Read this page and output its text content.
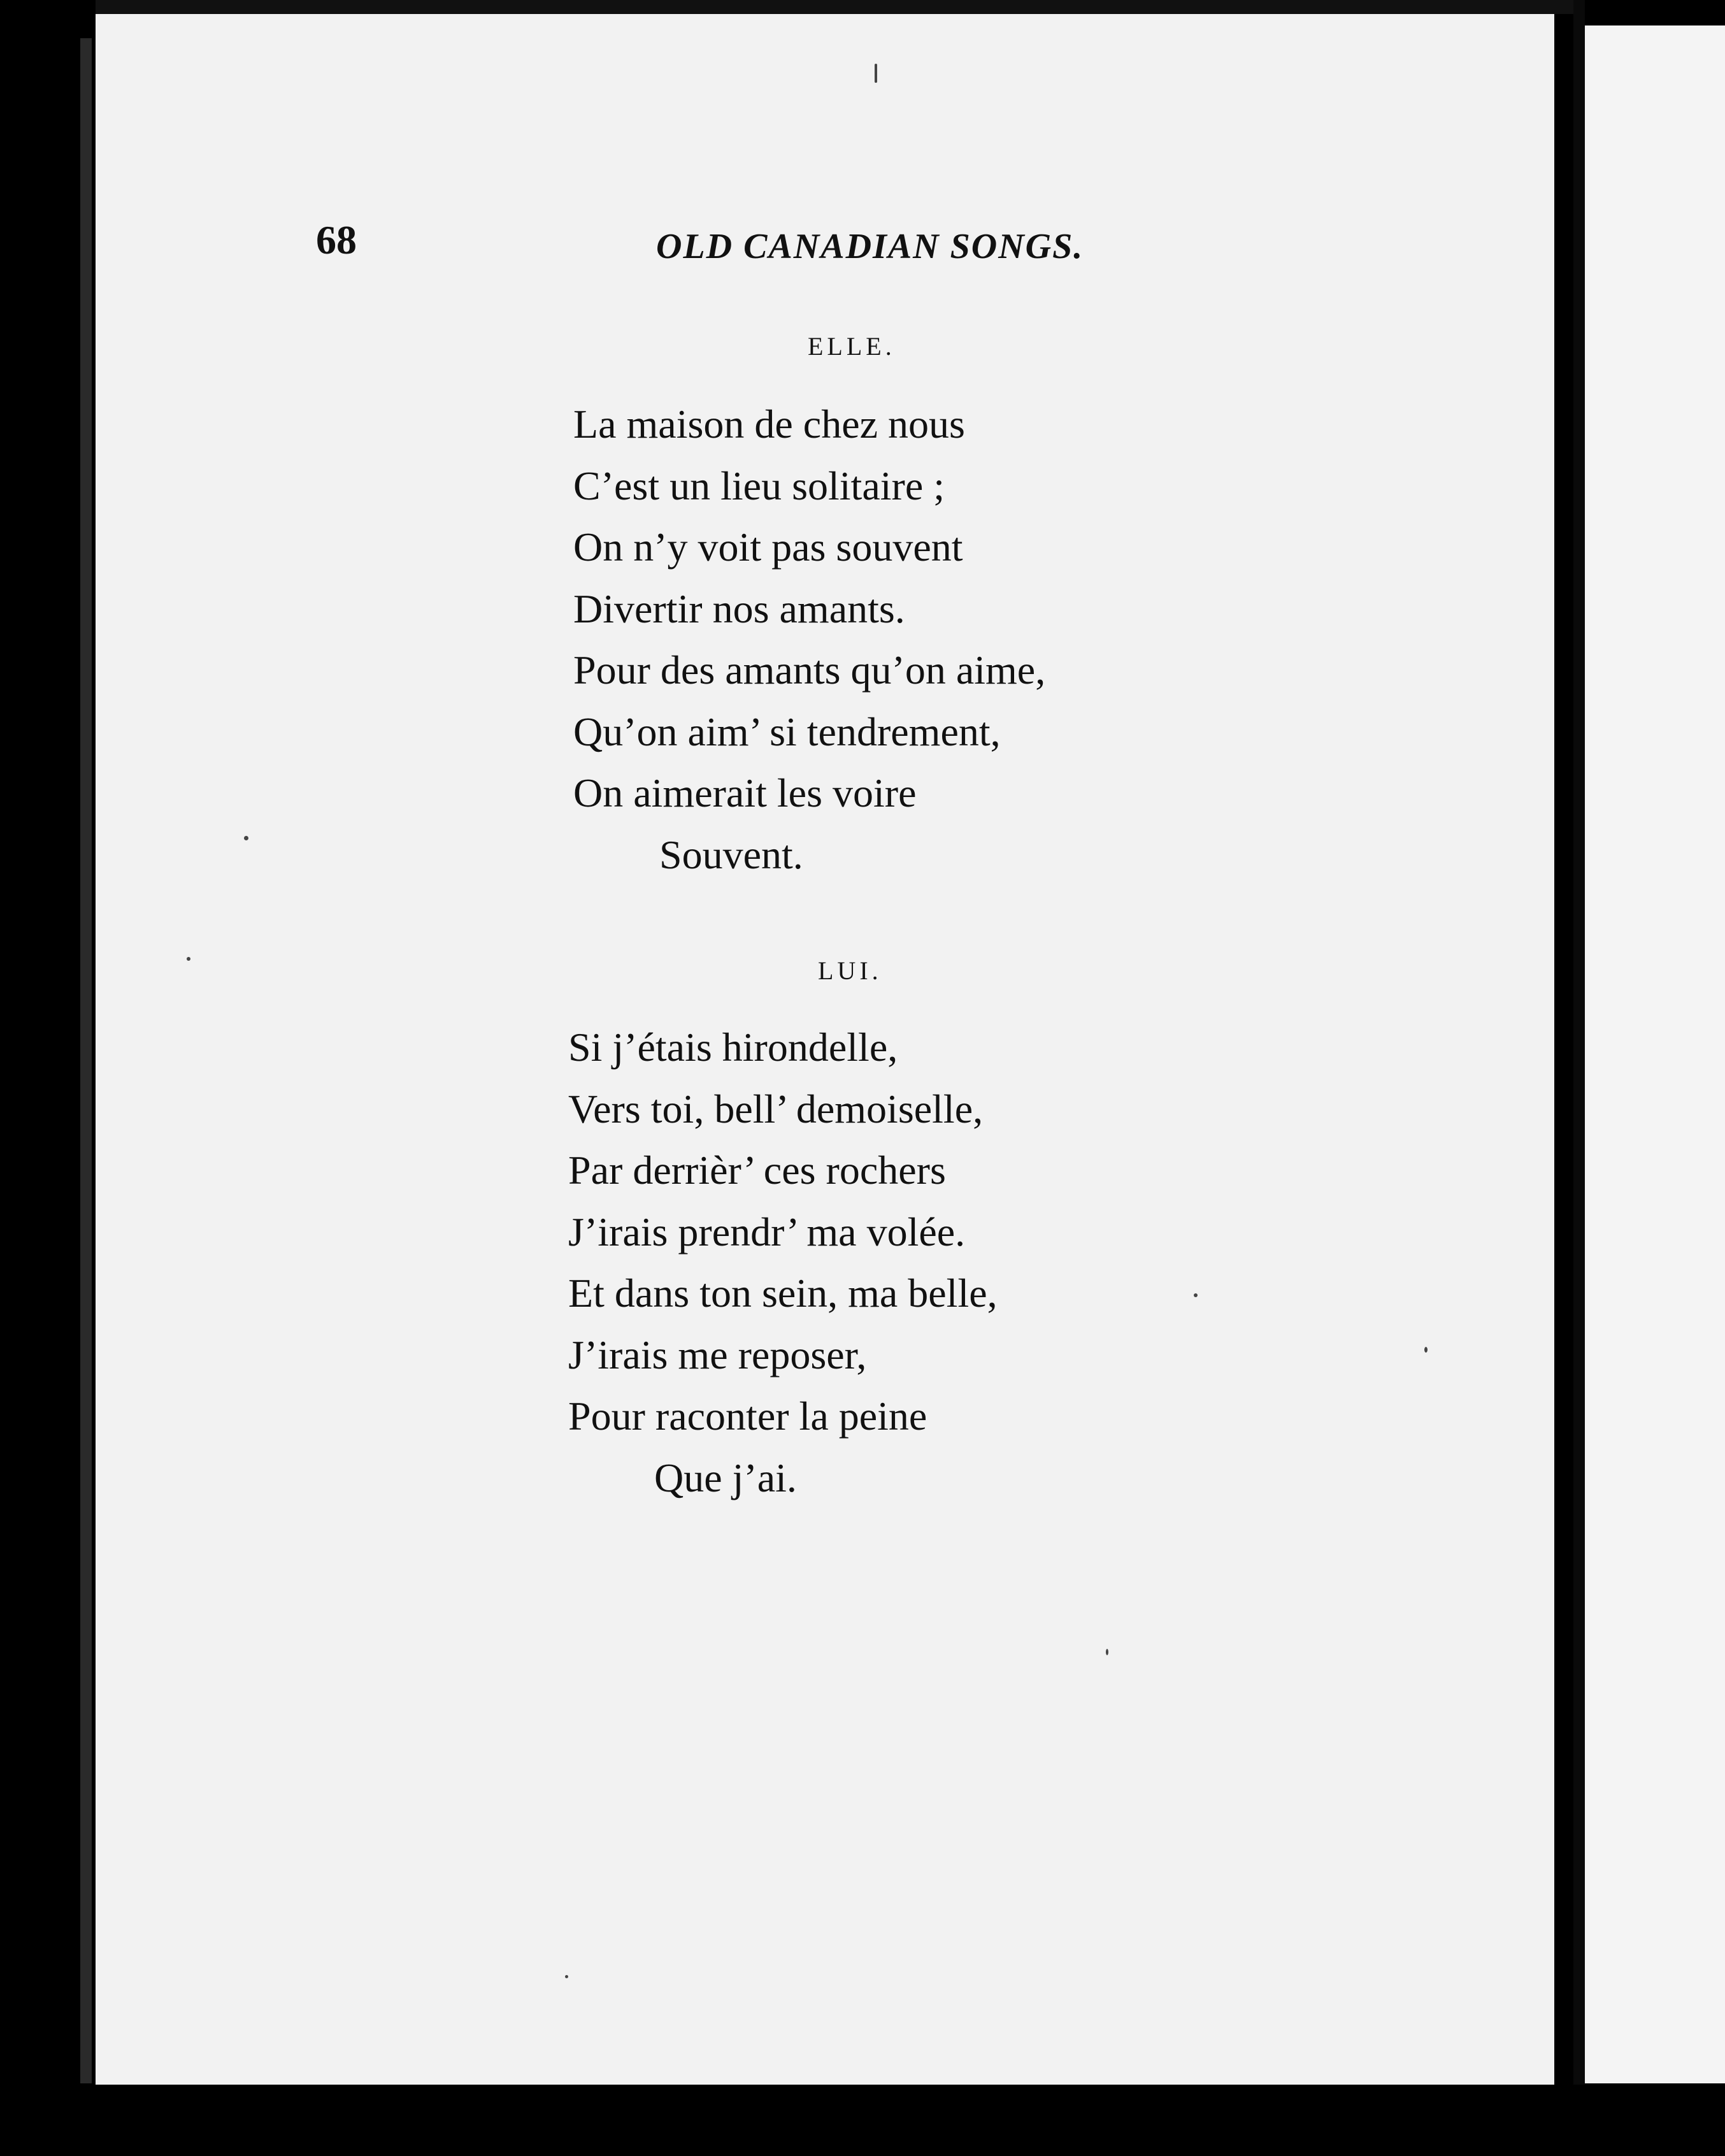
68	OLD CANADIAN SONGS.
ELLE.
La maison de chez nous
C’est un lieu solitaire ;
On n’y voit pas souvent
Divertir nos amants.
Pour des amants qu’on aime,
Qu’on aim’ si tendrement,
On aimerait les voire
Souvent.
LUI.
Si j’étais hirondelle,
Vers toi, bell’ demoiselle,
Par derrièr’ ces rochers
J’irais prendr’ ma volée.
Et dans ton sein, ma belle,
J’irais me reposer,
Pour raconter la peine
Que j’ai.
